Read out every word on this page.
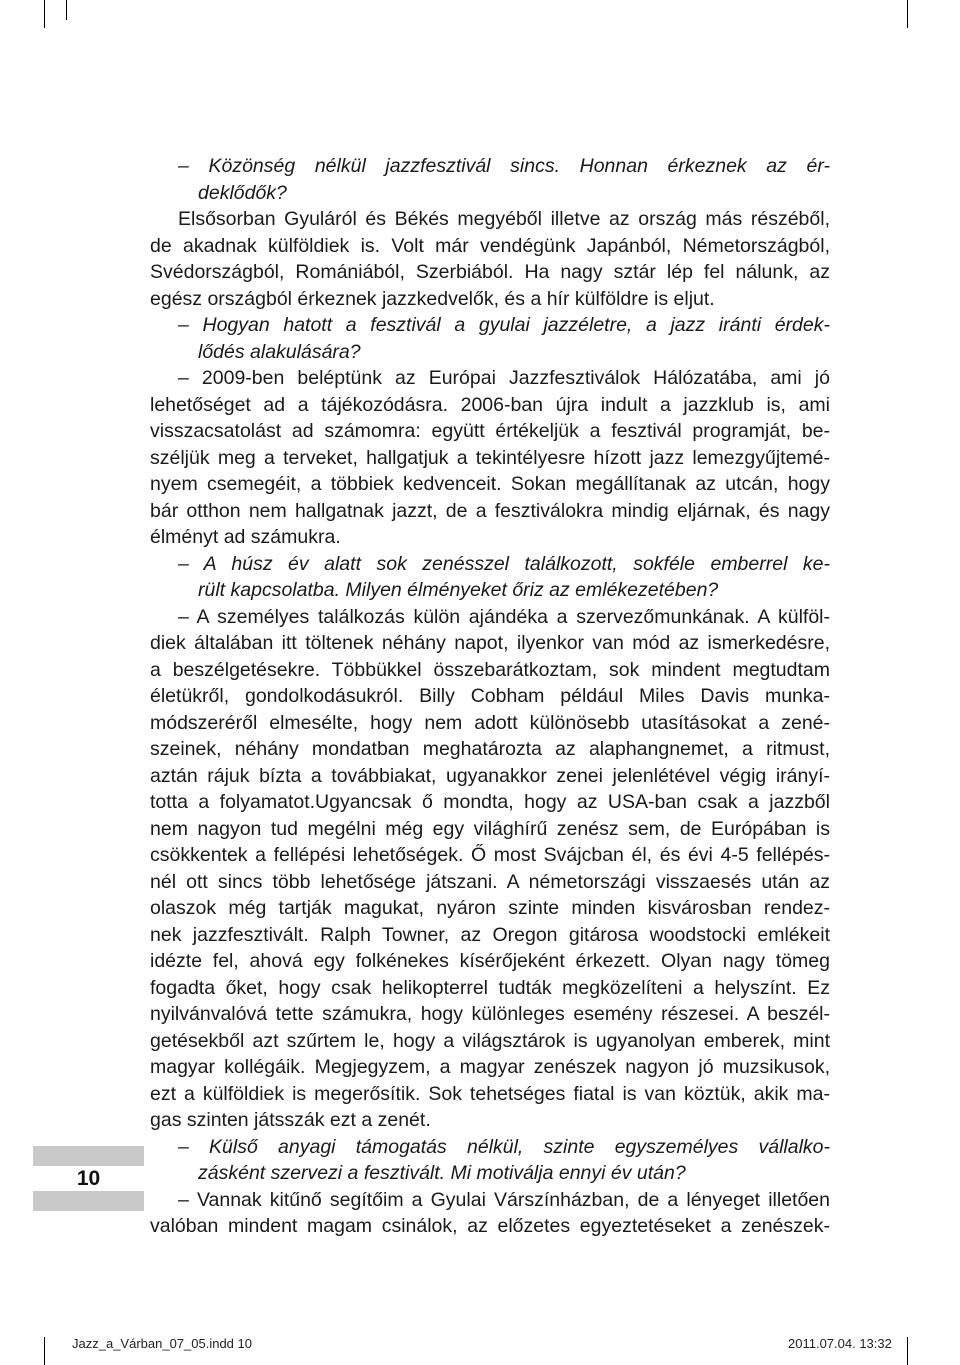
– Közönség nélkül jazzfesztivál sincs. Honnan érkeznek az ér-
deklődők?
Elsősorban Gyuláról és Békés megyéből illetve az ország más részéből,
de akadnak külföldiek is. Volt már vendégünk Japánból, Németországból,
Svédországból, Romániából, Szerbiából. Ha nagy sztár lép fel nálunk, az
egész országból érkeznek jazzkedvelők, és a hír külföldre is eljut.
– Hogyan hatott a fesztivál a gyulai jazzéletre, a jazz iránti érdek-
lődés alakulására?
– 2009-ben beléptünk az Európai Jazzfesztiválok Hálózatába, ami jó
lehetőséget ad a tájékozódásra. 2006-ban újra indult a jazzklub is, ami
visszacsatolást ad számomra: együtt értékeljük a fesztivál programját, be-
széljük meg a terveket, hallgatjuk a tekintélyesre hízott jazz lemezgyűjtemé-
nyem csemegéit, a többiek kedvenceit. Sokan megállítanak az utcán, hogy
bár otthon nem hallgatnak jazzt, de a fesztiválokra mindig eljárnak, és nagy
élményt ad számukra.
– A húsz év alatt sok zenésszel találkozott, sokféle emberrel ke-
rült kapcsolatba. Milyen élményeket őriz az emlékezetében?
– A személyes találkozás külön ajándéka a szervezőmunkának. A külföl-
diek általában itt töltenek néhány napot, ilyenkor van mód az ismerkedésre,
a beszélgetésekre. Többükkel összebarátkoztam, sok mindent megtudtam
életükről, gondolkodásukról. Billy Cobham például Miles Davis munka-
módszeréről elmesélte, hogy nem adott különösebb utasításokat a zené-
szeinek, néhány mondatban meghatározta az alaphangnemet, a ritmust,
aztán rájuk bízta a továbbiakat, ugyanakkor zenei jelenlétével végig irányí-
totta a folyamatot.Ugyancsak ő mondta, hogy az USA-ban csak a jazzből
nem nagyon tud megélni még egy világhírű zenész sem, de Európában is
csökkentek a fellépési lehetőségek. Ő most Svájcban él, és évi 4-5 fellépés-
nél ott sincs több lehetősége játszani. A németországi visszaesés után az
olaszok még tartják magukat, nyáron szinte minden kisvárosban rendez-
nek jazzfesztivált. Ralph Towner, az Oregon gitárosa woodstocki emlékeit
idézte fel, ahová egy folkénekes kísérőjeként érkezett. Olyan nagy tömeg
fogadta őket, hogy csak helikopterrel tudták megközelíteni a helyszínt. Ez
nyilvánvalóvá tette számukra, hogy különleges esemény részesei. A beszél-
getésekből azt szűrtem le, hogy a világsztárok is ugyanolyan emberek, mint
magyar kollégáik. Megjegyzem, a magyar zenészek nagyon jó muzsikusok,
ezt a külföldiek is megerősítik. Sok tehetséges fiatal is van köztük, akik ma-
gas szinten játsszák ezt a zenét.
– Külső anyagi támogatás nélkül, szinte egyszemélyes vállalko-
zásként szervezi a fesztivált. Mi motiválja ennyi év után?
– Vannak kitűnő segítőim a Gyulai Várszínházban, de a lényeget illetően
valóban mindent magam csinálok, az előzetes egyeztetéseket a zenészek-
10
Jazz_a_Várban_07_05.indd 10	2011.07.04. 13:32
